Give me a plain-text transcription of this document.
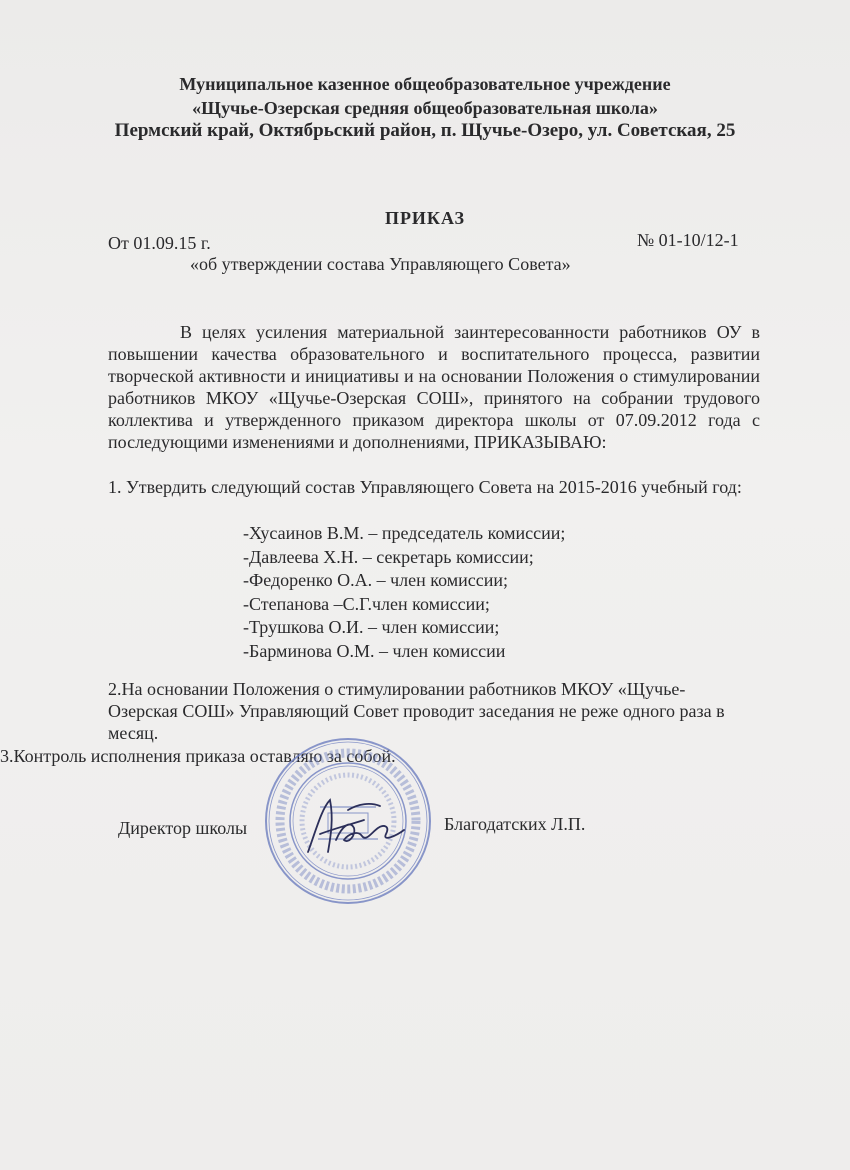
Муниципальное казенное общеобразовательное учреждение

«Щучье-Озерская средняя общеобразовательная школа»

Пермский край, Октябрьский район, п. Щучье-Озеро, ул. Советская, 25

ПРИКАЗ

От 01.09.15 г.	№ 01-10/12-1

«об утверждении состава Управляющего Совета»

В целях усиления материальной заинтересованности работников ОУ в повышении качества образовательного и воспитательного процесса, развитии творческой активности и инициативы и на основании Положения о стимулировании работников МКОУ «Щучье-Озерская СОШ», принятого на собрании трудового коллектива и утвержденного приказом директора школы от 07.09.2012 года с последующими изменениями и дополнениями, ПРИКАЗЫВАЮ:

1. Утвердить следующий состав Управляющего Совета на 2015-2016 учебный год:

-Хусаинов В.М. – председатель комиссии;
-Давлеева Х.Н. – секретарь комиссии;
-Федоренко О.А. – член комиссии;
-Степанова –С.Г.член комиссии;
-Трушкова О.И. – член комиссии;
-Барминова О.М. – член комиссии

2.На основании Положения о стимулировании работников МКОУ «Щучье-Озерская СОШ» Управляющий Совет проводит заседания не реже одного раза в месяц.

3.Контроль исполнения приказа оставляю за собой.

Директор школы	Благодатских Л.П.
